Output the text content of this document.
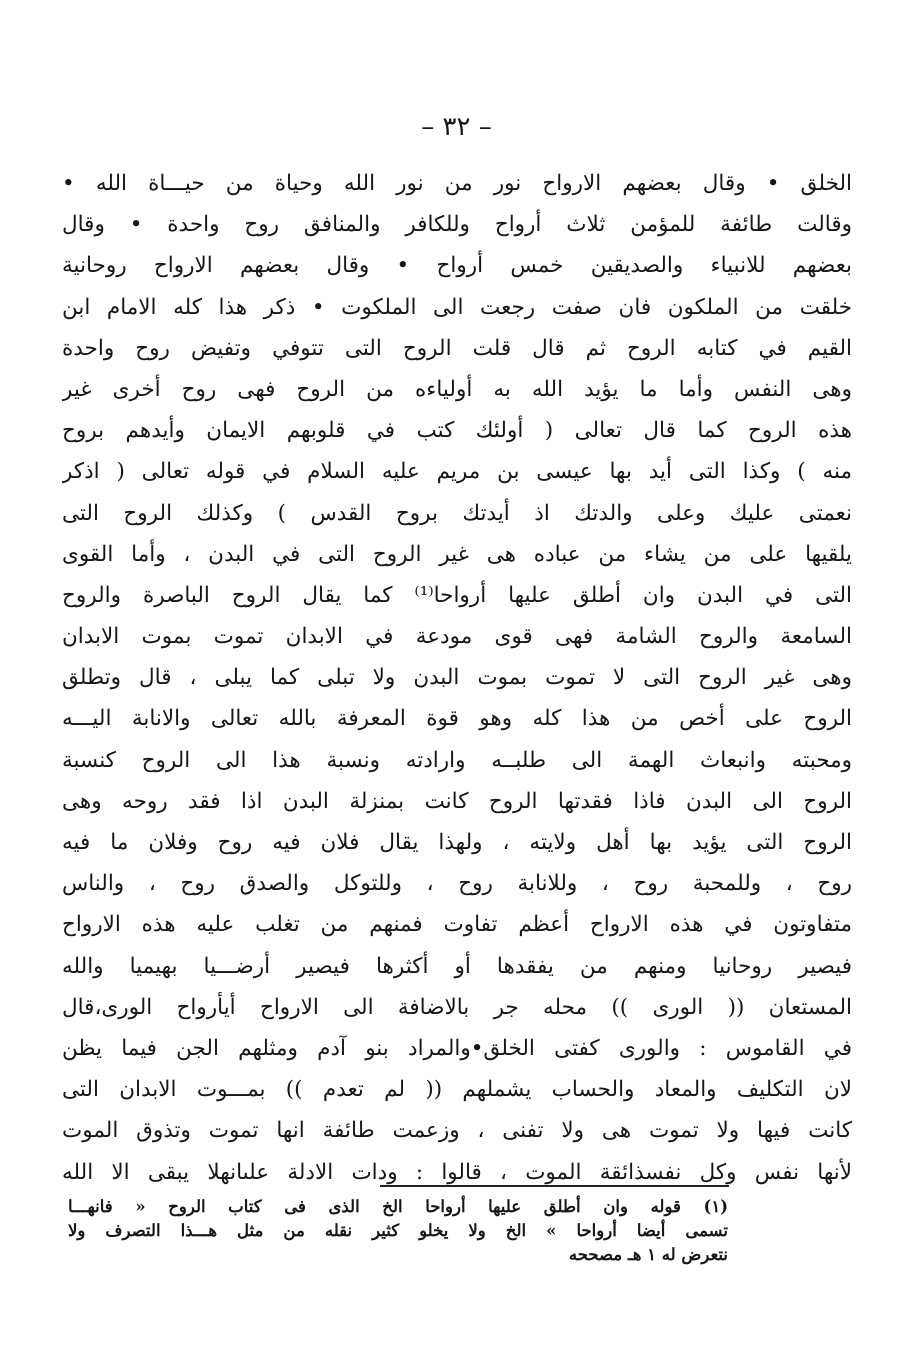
– ٣٢ –
الخلق • وقال بعضهم الارواح نور من نور الله وحياة من حيـــاة الله •
وقالت طائفة للمؤمن ثلاث أرواح وللكافر والمنافق روح واحدة • وقال
بعضهم للانبياء والصديقين خمس أرواح • وقال بعضهم الارواح روحانية
خلقت من الملكون فان صفت رجعت الى الملكوت • ذكر هذا كله الامام ابن
القيم في كتابه الروح ثم قال قلت الروح التى تتوفي وتفيض روح واحدة
وهى النفس وأما ما يؤيد الله به أولياءه من الروح فهى روح أخرى غير
هذه الروح كما قال تعالى ( أولئك كتب في قلوبهم الايمان وأيدهم بروح
منه ) وكذا التى أيد بها عيسى بن مريم عليه السلام في قوله تعالى ( اذكر
نعمتى عليك وعلى والدتك اذ أيدتك بروح القدس ) وكذلك الروح التى
يلقيها على من يشاء من عباده هى غير الروح التى في البدن ، وأما القوى
التى في البدن وان أطلق عليها أرواحا⁽¹⁾ كما يقال الروح الباصرة والروح
السامعة والروح الشامة فهى قوى مودعة في الابدان تموت بموت الابدان
وهى غير الروح التى لا تموت بموت البدن ولا تبلى كما يبلى ، قال وتطلق
الروح على أخص من هذا كله وهو قوة المعرفة بالله تعالى والانابة اليـــه
ومحبته وانبعاث الهمة الى طلبــه وارادته ونسبة هذا الى الروح كنسبة
الروح الى البدن فاذا فقدتها الروح كانت بمنزلة البدن اذا فقد روحه وهى
الروح التى يؤيد بها أهل ولايته ، ولهذا يقال فلان فيه روح وفلان ما فيه
روح ، وللمحبة روح ، وللانابة روح ، وللتوكل والصدق روح ، والناس
متفاوتون في هذه الارواح أعظم تفاوت فمنهم من تغلب عليه هذه الارواح
فيصير روحانيا ومنهم من يفقدها أو أكثرها فيصير أرضـــيا بهيميا والله
المستعان (( الورى )) محله جر بالاضافة الى الارواح أيأرواح الورى،قال
في القاموس : والورى كفتى الخلق•والمراد بنو آدم ومثلهم الجن فيما يظن
لان التكليف والمعاد والحساب يشملهم (( لم تعدم )) بمـــوت الابدان التى
كانت فيها ولا تموت هى ولا تفنى ، وزعمت طائفة انها تموت وتذوق الموت
لأنها نفس وكل نفسذائقة الموت ، قالوا : ودات الادلة علىانهلا يبقى الا الله
(١) قوله وان أطلق عليها أرواحا الخ الذى فى كتاب الروح « فانهـــا
تسمى أيضا أرواحا » الخ ولا يخلو كثير نقله من مثل هـــذا التصرف ولا
نتعرض له ١ هـ مصححه
